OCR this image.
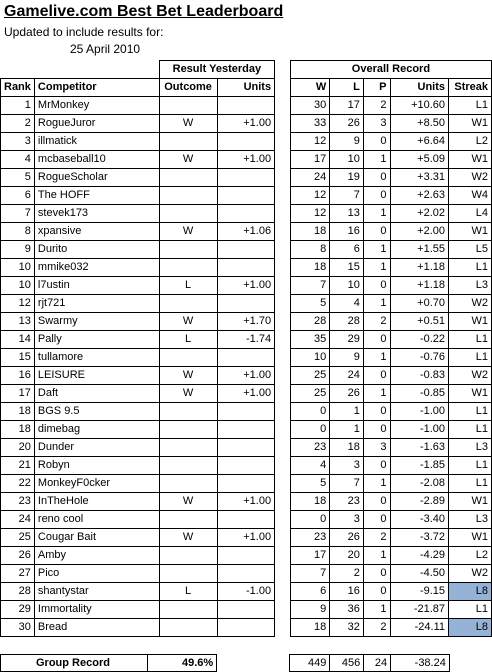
Gamelive.com Best Bet Leaderboard
Updated to include results for:
25 April 2010
		Result Yesterday			Overall Record				
Rank	Competitor	Outcome	Units		W	L	P	Units	Streak
1	MrMonkey				30	17	2	+10.60	L1
2	RogueJuror	W	+1.00		33	26	3	+8.50	W1
3	illmatick				12	9	0	+6.64	L2
4	mcbaseball10	W	+1.00		17	10	1	+5.09	W1
5	RogueScholar				24	19	0	+3.31	W2
6	The HOFF				12	7	0	+2.63	W4
7	stevek173				12	13	1	+2.02	L4
8	xpansive	W	+1.06		18	16	0	+2.00	W1
9	Durito				8	6	1	+1.55	L5
10	mmike032				18	15	1	+1.18	L1
10	l7ustin	L	+1.00		7	10	0	+1.18	L3
12	rjt721				5	4	1	+0.70	W2
13	Swarmy	W	+1.70		28	28	2	+0.51	W1
14	Pally	L	-1.74		35	29	0	-0.22	L1
15	tullamore				10	9	1	-0.76	L1
16	LEISURE	W	+1.00		25	24	0	-0.83	W2
17	Daft	W	+1.00		25	26	1	-0.85	W1
18	BGS 9.5				0	1	0	-1.00	L1
18	dimebag				0	1	0	-1.00	L1
20	Dunder				23	18	3	-1.63	L3
21	Robyn				4	3	0	-1.85	L1
22	MonkeyF0cker				5	7	1	-2.08	L1
23	InTheHole	W	+1.00		18	23	0	-2.89	W1
24	reno cool				0	3	0	-3.40	L3
25	Cougar Bait	W	+1.00		23	26	2	-3.72	W1
26	Amby				17	20	1	-4.29	L2
27	Pico				7	2	0	-4.50	W2
28	shantystar	L	-1.00		6	16	0	-9.15	L8
29	Immortality				9	36	1	-21.87	L1
30	Bread				18	32	2	-24.11	L8
Group Record	49.6%			449	456	24	-38.24	
